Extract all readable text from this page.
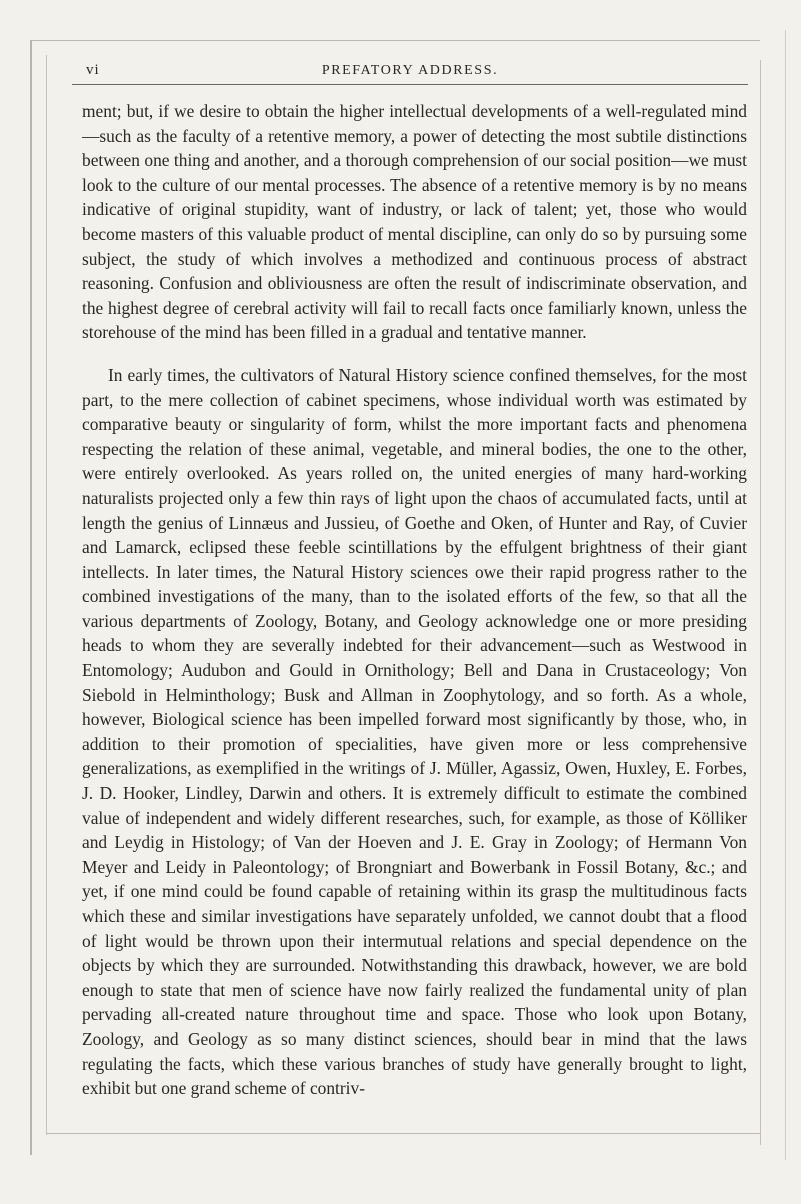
vi	PREFATORY ADDRESS.

ment; but, if we desire to obtain the higher intellectual developments of a well-regulated mind—such as the faculty of a retentive memory, a power of detecting the most subtile distinctions between one thing and another, and a thorough comprehension of our social position—we must look to the culture of our mental processes. The absence of a retentive memory is by no means indicative of original stupidity, want of industry, or lack of talent; yet, those who would become masters of this valuable product of mental discipline, can only do so by pursuing some subject, the study of which involves a methodized and continuous process of abstract reasoning. Confusion and obliviousness are often the result of indiscriminate observation, and the highest degree of cerebral activity will fail to recall facts once familiarly known, unless the storehouse of the mind has been filled in a gradual and tentative manner.

In early times, the cultivators of Natural History science confined themselves, for the most part, to the mere collection of cabinet specimens, whose individual worth was estimated by comparative beauty or singularity of form, whilst the more important facts and phenomena respecting the relation of these animal, vegetable, and mineral bodies, the one to the other, were entirely overlooked. As years rolled on, the united energies of many hard-working naturalists projected only a few thin rays of light upon the chaos of accumulated facts, until at length the genius of Linnæus and Jussieu, of Goethe and Oken, of Hunter and Ray, of Cuvier and Lamarck, eclipsed these feeble scintillations by the effulgent brightness of their giant intellects. In later times, the Natural History sciences owe their rapid progress rather to the combined investigations of the many, than to the isolated efforts of the few, so that all the various departments of Zoology, Botany, and Geology acknowledge one or more presiding heads to whom they are severally indebted for their advancement—such as Westwood in Entomology; Audubon and Gould in Ornithology; Bell and Dana in Crustaceology; Von Siebold in Helminthology; Busk and Allman in Zoophytology, and so forth. As a whole, however, Biological science has been impelled forward most significantly by those, who, in addition to their promotion of specialities, have given more or less comprehensive generalizations, as exemplified in the writings of J. Müller, Agassiz, Owen, Huxley, E. Forbes, J. D. Hooker, Lindley, Darwin and others. It is extremely difficult to estimate the combined value of independent and widely different researches, such, for example, as those of Kölliker and Leydig in Histology; of Van der Hoeven and J. E. Gray in Zoology; of Hermann Von Meyer and Leidy in Paleontology; of Brongniart and Bowerbank in Fossil Botany, &c.; and yet, if one mind could be found capable of retaining within its grasp the multitudinous facts which these and similar investigations have separately unfolded, we cannot doubt that a flood of light would be thrown upon their intermutual relations and special dependence on the objects by which they are surrounded. Notwithstanding this drawback, however, we are bold enough to state that men of science have now fairly realized the fundamental unity of plan pervading all-created nature throughout time and space. Those who look upon Botany, Zoology, and Geology as so many distinct sciences, should bear in mind that the laws regulating the facts, which these various branches of study have generally brought to light, exhibit but one grand scheme of contriv-
